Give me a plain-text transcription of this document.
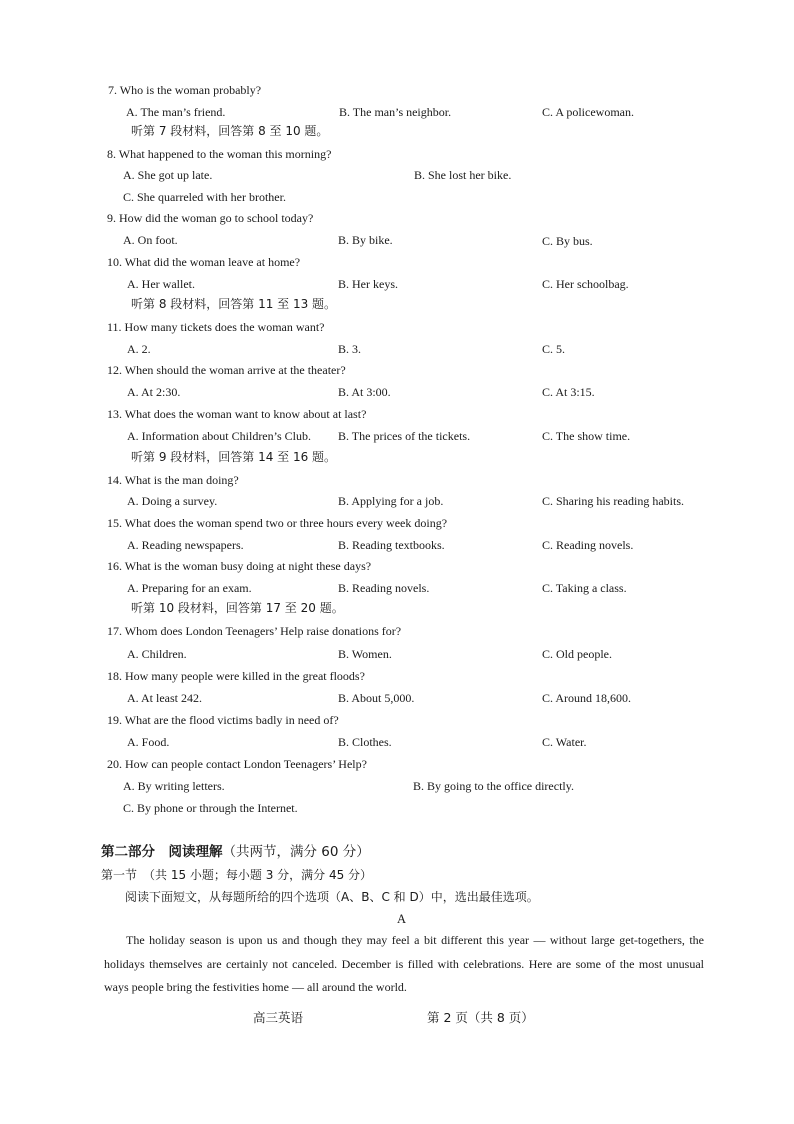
7. Who is the woman probably?
A. The man’s friend.	B. The man’s neighbor.	C. A policewoman.
听第 7 段材料，回答第 8 至 10 题。
8. What happened to the woman this morning?
A. She got up late.	B. She lost her bike.
C. She quarreled with her brother.
9. How did the woman go to school today?
A. On foot.	B. By bike.	C. By bus.
10. What did the woman leave at home?
A. Her wallet.	B. Her keys.	C. Her schoolbag.
听第 8 段材料，回答第 11 至 13 题。
11. How many tickets does the woman want?
A. 2.	B. 3.	C. 5.
12. When should the woman arrive at the theater?
A. At 2:30.	B. At 3:00.	C. At 3:15.
13. What does the woman want to know about at last?
A. Information about Children’s Club. B. The prices of the tickets.	C. The show time.
听第 9 段材料，回答第 14 至 16 题。
14. What is the man doing?
A. Doing a survey.	B. Applying for a job.	C. Sharing his reading habits.
15. What does the woman spend two or three hours every week doing?
A. Reading newspapers.	B. Reading textbooks.	C. Reading novels.
16. What is the woman busy doing at night these days?
A. Preparing for an exam.	B. Reading novels.	C. Taking a class.
听第 10 段材料，回答第 17 至 20 题。
17. Whom does London Teenagers’ Help raise donations for?
A. Children.	B. Women.	C. Old people.
18. How many people were killed in the great floods?
A. At least 242.	B. About 5,000.	C. Around 18,600.
19. What are the flood victims badly in need of?
A. Food.	B. Clothes.	C. Water.
20. How can people contact London Teenagers’ Help?
A. By writing letters.	B. By going to the office directly.
C. By phone or through the Internet.
第二部分　阅读理解（共两节，满分 60 分）
第一节　（共 15 小题；每小题 3 分，满分 45 分）
阅读下面短文，从每题所给的四个选项（A、B、C 和 D）中，选出最佳选项。
A
The holiday season is upon us and though they may feel a bit different this year — without large get-togethers, the holidays themselves are certainly not canceled. December is filled with celebrations. Here are some of the most unusual ways people bring the festivities home — all around the world.
高三英语	第 2 页（共 8 页）
